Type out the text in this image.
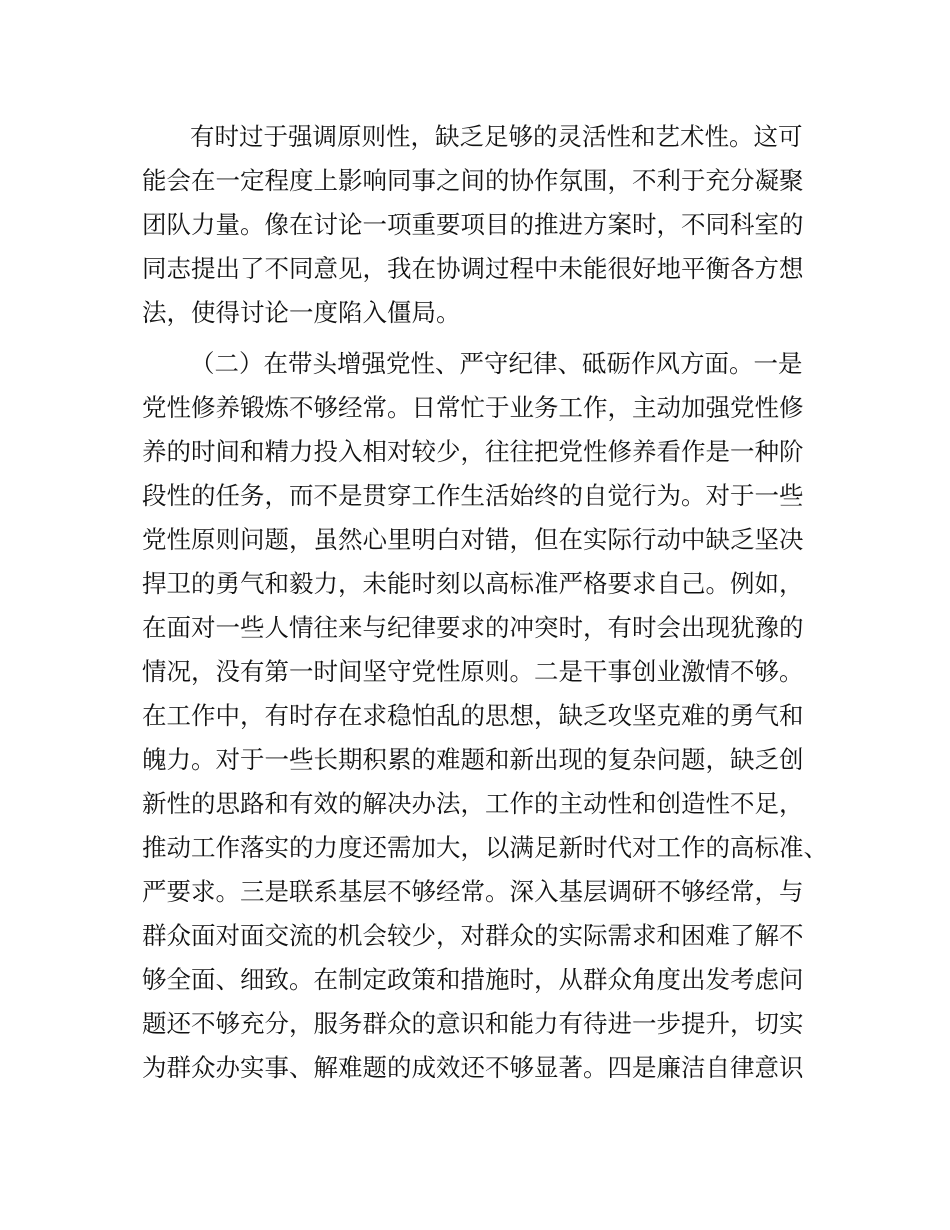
有时过于强调原则性，缺乏足够的灵活性和艺术性。这可
能会在一定程度上影响同事之间的协作氛围，不利于充分凝聚
团队力量。像在讨论一项重要项目的推进方案时，不同科室的
同志提出了不同意见，我在协调过程中未能很好地平衡各方想
法，使得讨论一度陷入僵局。
（二）在带头增强党性、严守纪律、砥砺作风方面。一是
党性修养锻炼不够经常。日常忙于业务工作，主动加强党性修
养的时间和精力投入相对较少，往往把党性修养看作是一种阶
段性的任务，而不是贯穿工作生活始终的自觉行为。对于一些
党性原则问题，虽然心里明白对错，但在实际行动中缺乏坚决
捍卫的勇气和毅力，未能时刻以高标准严格要求自己。例如，
在面对一些人情往来与纪律要求的冲突时，有时会出现犹豫的
情况，没有第一时间坚守党性原则。二是干事创业激情不够。
在工作中，有时存在求稳怕乱的思想，缺乏攻坚克难的勇气和
魄力。对于一些长期积累的难题和新出现的复杂问题，缺乏创
新性的思路和有效的解决办法，工作的主动性和创造性不足，
推动工作落实的力度还需加大，以满足新时代对工作的高标准、
严要求。三是联系基层不够经常。深入基层调研不够经常，与
群众面对面交流的机会较少，对群众的实际需求和困难了解不
够全面、细致。在制定政策和措施时，从群众角度出发考虑问
题还不够充分，服务群众的意识和能力有待进一步提升，切实
为群众办实事、解难题的成效还不够显著。四是廉洁自律意识
